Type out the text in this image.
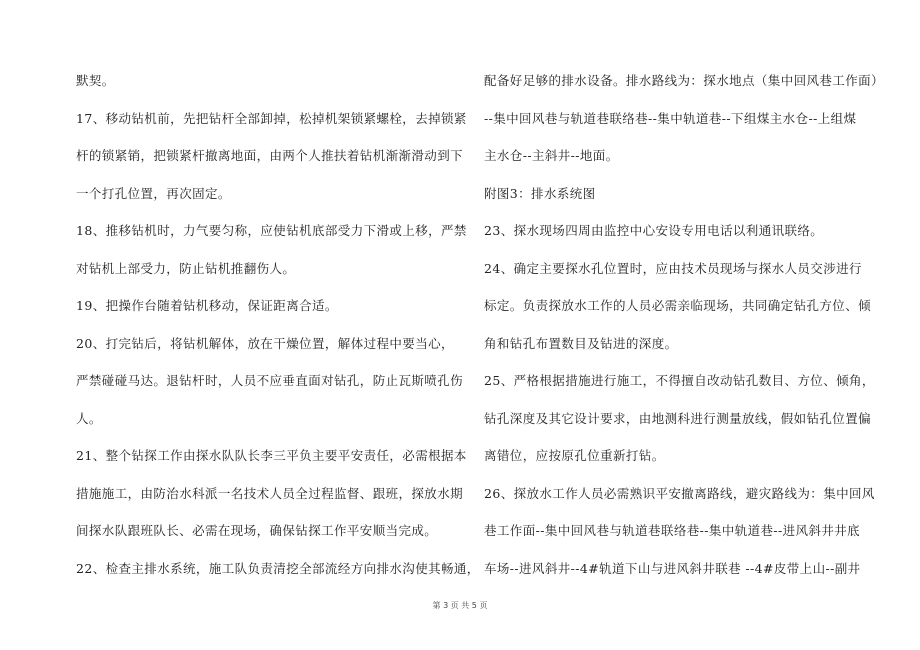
默契。
17、移动钻机前，先把钻杆全部卸掉，松掉机架锁紧螺栓，去掉锁紧
杆的锁紧销，把锁紧杆撤离地面，由两个人推扶着钻机渐渐滑动到下
一个打孔位置，再次固定。
18、推移钻机时，力气要匀称，应使钻机底部受力下滑或上移，严禁
对钻机上部受力，防止钻机推翻伤人。
19、把操作台随着钻机移动，保证距离合适。
20、打完钻后，将钻机解体，放在干燥位置，解体过程中要当心，
严禁碰碰马达。退钻杆时，人员不应垂直面对钻孔，防止瓦斯喷孔伤
人。
21、整个钻探工作由探水队队长李三平负主要平安责任，必需根据本
措施施工，由防治水科派一名技术人员全过程监督、跟班，探放水期
间探水队跟班队长、必需在现场，确保钻探工作平安顺当完成。
22、检查主排水系统，施工队负责清挖全部流经方向排水沟使其畅通，
配备好足够的排水设备。排水路线为：探水地点（集中回风巷工作面）
--集中回风巷与轨道巷联络巷--集中轨道巷--下组煤主水仓--上组煤
主水仓--主斜井--地面。
附图3：排水系统图
23、探水现场四周由监控中心安设专用电话以利通讯联络。
24、确定主要探水孔位置时，应由技术员现场与探水人员交涉进行
标定。负责探放水工作的人员必需亲临现场，共同确定钻孔方位、倾
角和钻孔布置数目及钻进的深度。
25、严格根据措施进行施工，不得擅自改动钻孔数目、方位、倾角，
钻孔深度及其它设计要求，由地测科进行测量放线，假如钻孔位置偏
离错位，应按原孔位重新打钻。
26、探放水工作人员必需熟识平安撤离路线，避灾路线为：集中回风
巷工作面--集中回风巷与轨道巷联络巷--集中轨道巷--进风斜井井底
车场--进风斜井--4#轨道下山与进风斜井联巷 --4#皮带上山--副井
第 3 页 共 5 页
